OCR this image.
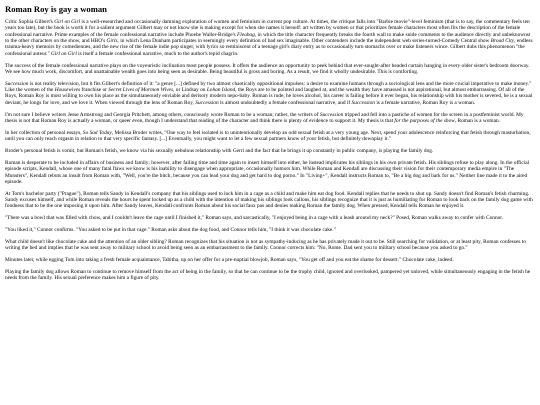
Roman Roy is gay a woman

Critic Sophia Gilbert's Girl on Girl is a well-researched and occasionally damning exploration of women and feminism in current pop culture. At times, the critique falls into "Barbie movie"-level feminism (that is to say, the commentary feels ten years too late), but the book is worth it for a salient argument Gilbert may or not know she is making except for when she names it herself: art written by women or that prioritizes female characters most often fits the description of the female confessional narrative. Prime examples of the female confessional narrative include Phoebe Waller-Bridge's Fleabag, in which the title character frequently breaks the fourth wall to make snide comments to the audience directly and unbeknownst to the other characters on the show, and HBO's Girls, in which Lena Dunham participates in seemingly every definition of bad sex imaginable. Other contenders include the independent web series-turned-Comedy Central show Broad City, endless trauma-heavy memoirs by comediennes, and the new rise of the female indie pop singer, with lyrics so reminiscent of a teenage girl's diary entry as to occasionally turn stomachs over or make listeners wince. Gilbert dubs this phenomenon "the confessional auteur." Girl on Girl is itself a female confessional narrative, much to the author's tepid chagrin.

The success of the female confessional narrative plays on the voyeuristic inclination most people possess. It offers the audience an opportunity to peek behind that ever-sought-after beaded curtain hanging in every older sister's bedroom doorway. We see how much work, discomfort, and unattainable wealth goes into being seen as desirable. Being beautiful is gross and boring. As a result, we find it wholly undesirable. This is comforting.

Succession is not reality television, but it fits Gilbert's definition of it: "a genre [...] defined by two almost chaotically oppositional impulses: a desire to examine humans through a sociological lens and the more crucial imperative to make money." Like the women of the Housewives franchise or Secret Lives of Mormon Wives, or Lindsay on Lohan Island, the Roys are to be pointed and laughed at, and the wealth they have amassed is not aspirational, but almost embarrassing. Of all of the Roys, Roman Roy is most willing to own his place as the simultaneously enviable and derisory modern nepo-baby. Roman is rude, he loves alcohol, his career is failing before it ever began, his relationship with his mother is severed, he is a sexual deviant, he longs for love, and we love it. When viewed through the lens of Roman Roy, Succession is almost undoubtedly a female confessional narrative, and if Succession is a female narrative, Roman Roy is a woman.

I'm not sure I believe writers Jesse Armstrong and Georgia Pritchett, among others, consciously wrote Roman to be a woman; rather, the writers of Succession tripped and fell into a pastiche of women for the screen in a postfeminist world. My thesis is not that Roman Roy is actually a woman, or queer even, though I understand that reading of the character and think there is plenty of evidence to support it. My thesis is that for the purposes of the show, Roman is a woman.

In her collection of personal essays, So Sad Today, Melissa Broder writes, "One way to feel isolated is to unintentionally develop an odd sexual fetish at a very young age. Next, spend your adolescence reinforcing that fetish through masturbation, until you can only reach orgasm in relation to that very specific fantasy. [...] Eventually, you might want to let a few sexual partners know of your fetish, but definitely downplay it."

Broder's personal fetish is vomit, but Roman's fetish, we know via his sexually nebulous relationship with Gerri and the fact that he brings it up constantly in public company, is playing the family dog.

Roman is desperate to be included in affairs of business and family; however, after failing time and time again to insert himself into either, he instead implicates his siblings in his own private fetish. His siblings refuse to play along. In the official episode scripts, Kendall, whose one of many fatal flaws we know is his inability to disengage when appropriate, occasionally humors him. While Roman and Kendall are discussing their vision for their contemporary media empire in "The Munsters", Kendall rebuts an insult from Roman with, "Well, you're the bitch, because you can lead your dog and get hard to dog porno." In "Living+", Kendall instructs Roman to, "Be a big dog and bark for us." Neither line made it to the aired episode.

At Tom's bachelor party ("Prague"), Roman tells Sandy in Kendall's company that his siblings used to lock him in a cage as a child and make him eat dog food. Kendall replies that he needs to shut up. Sandy doesn't find Roman's fetish charming. Sandy excuses himself, and while Roman reveals the hours he spent locked up as a child with the intention of making his siblings look callous, his siblings recognize that it is just as humiliating for Roman to look back on the family dog game with fondness that to be the one imposing it upon him. After Sandy leaves, Kendall confronts Roman about his social faux pas and denies making Roman the family dog. When pressed, Kendall tells Roman he enjoyed it.

"There was a bowl that was filled with chow, and I couldn't leave the cage until I finished it," Roman says, and sarcastically, "I enjoyed being in a cage with a leash around my neck?" Posed, Roman walks away to confer with Connor.

"You liked it," Connor confirms. "You asked to be put in that cage." Roman asks about the dog food, and Connor tells him, "I think it was chocolate cake."

What child doesn't like chocolate cake and the attention of an older sibling? Roman recognizes that his situation is not as sympathy-inducing as he has privately made it out to be. Still searching for validation, or at least pity, Roman confesses to writing the bed and implies that he was sent away to military school to avoid being seen as an embarrassment to the family. Connor corrects him: "No, Rome. Dad sent you to military school because you asked to go."

Minutes later, while egging Tom into taking a fresh female acquaintance, Tabitha, up on her offer for a pre-nuptial blowjob, Roman says, "You get off and you eat the shame for dessert." Chocolate cake, indeed.

Playing the family dog allows Roman to continue to remove himself from the act of being in the family, so that he can continue to be the trophy child, ignored and overlooked, pampered yet unloved, while simultaneously engaging in the fetish he needs from the family. His sexual preference makes him a figure of pity.
